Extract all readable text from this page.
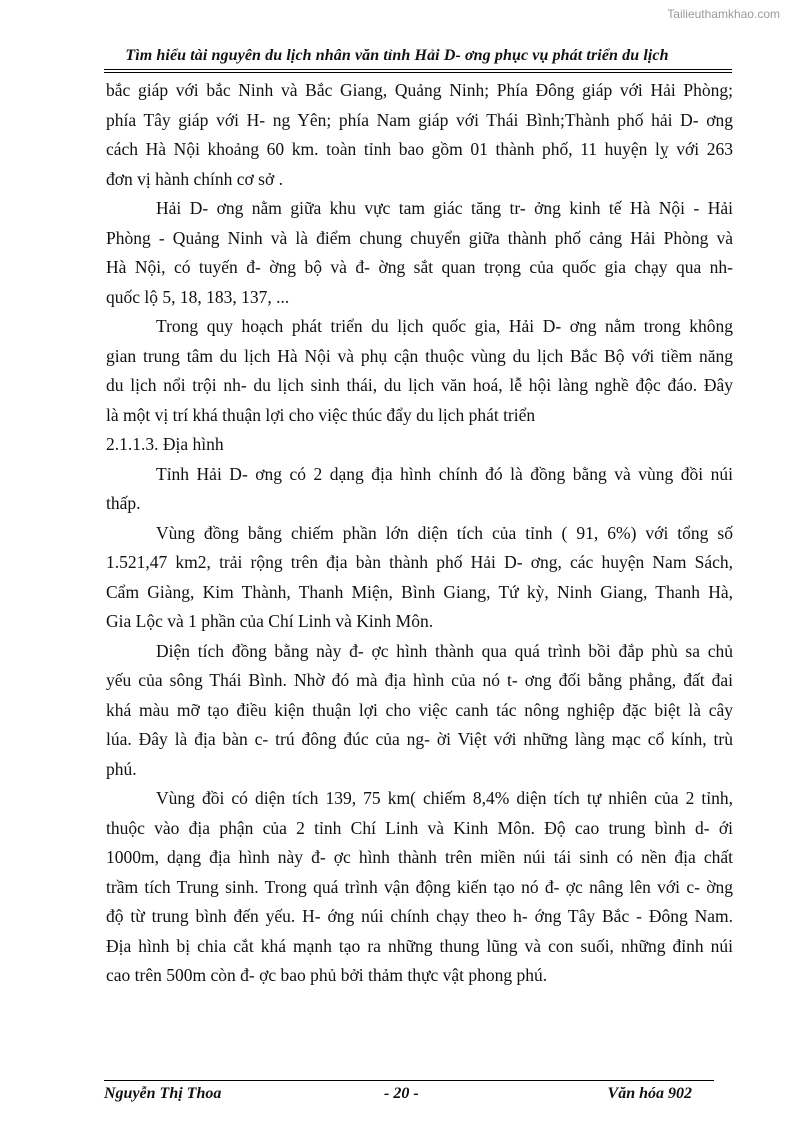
Tailieuthamkhao.com
Tìm hiểu tài nguyên du lịch nhân văn tỉnh Hải D- ơng phục vụ phát triển du lịch
bắc giáp với bắc Ninh và Bắc Giang, Quảng Ninh; Phía Đông giáp với Hải Phòng;
phía Tây giáp với H- ng Yên; phía Nam giáp với Thái Bình;Thành phố hải D- ơng
cách Hà Nội khoảng 60 km. toàn tỉnh bao gồm 01 thành phố, 11 huyện lỵ với 263
đơn vị hành chính cơ sở .
Hải D- ơng nằm giữa khu vực tam giác tăng tr- ởng kinh tế Hà Nội - Hải
Phòng - Quảng Ninh và là điểm chung chuyển giữa thành phố cảng Hải Phòng và
Hà Nội, có tuyến đ- ờng bộ và đ- ờng sắt quan trọng của quốc gia chạy qua nh-
quốc lộ 5, 18, 183, 137, ...
Trong quy hoạch phát triển du lịch quốc gia, Hải D- ơng nằm trong không
gian trung tâm du lịch Hà Nội và phụ cận thuộc vùng du lịch Bắc Bộ với tiềm năng
du lịch nổi trội nh- du lịch sinh thái, du lịch văn hoá, lễ hội làng nghề độc đáo. Đây
là một vị trí khá thuận lợi cho việc thúc đẩy du lịch phát triển
2.1.1.3. Địa hình
Tỉnh Hải D- ơng có 2 dạng địa hình chính đó là đồng bằng và vùng đồi núi
thấp.
Vùng đồng bằng chiếm phần lớn diện tích của tỉnh ( 91, 6%) với tổng số
1.521,47 km2, trải rộng trên địa bàn thành phố Hải D- ơng, các huyện Nam Sách,
Cẩm Giàng, Kim Thành, Thanh Miện, Bình Giang, Tứ kỳ, Ninh Giang, Thanh Hà,
Gia Lộc và 1 phần của Chí Linh và Kinh Môn.
Diện tích đồng bằng này đ- ợc hình thành qua quá trình bồi đắp phù sa chủ
yếu của sông Thái Bình. Nhờ đó mà địa hình của nó t- ơng đối bằng phẳng, đất đai
khá màu mỡ tạo điều kiện thuận lợi cho việc canh tác nông nghiệp đặc biệt là cây
lúa. Đây là địa bàn c- trú đông đúc của ng- ời Việt với những làng mạc cổ kính, trù
phú.
Vùng đồi có diện tích 139, 75 km( chiếm 8,4% diện tích tự nhiên của 2 tỉnh,
thuộc vào địa phận của 2 tỉnh Chí Linh và Kinh Môn. Độ cao trung bình d- ới
1000m, dạng địa hình này đ- ợc hình thành trên miền núi tái sinh có nền địa chất
trầm tích Trung sinh. Trong quá trình vận động kiến tạo nó đ- ợc nâng lên với c- ờng
độ từ trung bình đến yếu. H- ớng núi chính chạy theo h- ớng Tây Bắc - Đông Nam.
Địa hình bị chia cắt khá mạnh tạo ra những thung lũng và con suối, những đỉnh núi
cao trên 500m còn đ- ợc bao phủ bởi thảm thực vật phong phú.
Nguyễn Thị Thoa	- 20 -	Văn hóa 902
